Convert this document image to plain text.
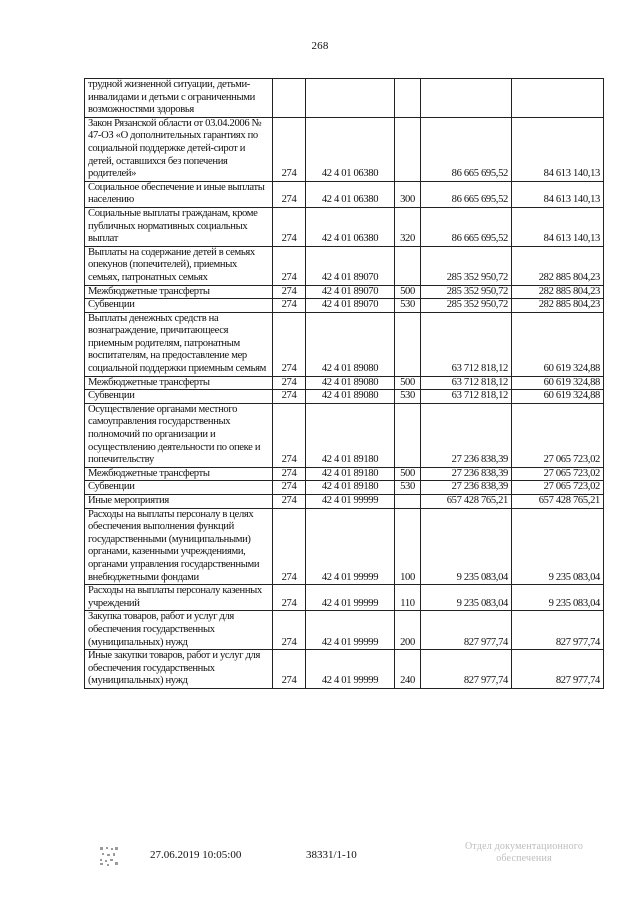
268
трудной жизненной ситуации, детьми-инвалидами и детьми с ограниченными возможностями здоровья					
Закон Рязанской области от 03.04.2006 № 47-ОЗ «О дополнительных гарантиях по социальной поддержке детей-сирот и детей, оставшихся без попечения родителей»	274	42 4 01 06380		86 665 695,52	84 613 140,13
Социальное обеспечение и иные выплаты населению	274	42 4 01 06380	300	86 665 695,52	84 613 140,13
Социальные выплаты гражданам, кроме публичных нормативных социальных выплат	274	42 4 01 06380	320	86 665 695,52	84 613 140,13
Выплаты на содержание детей в семьях опекунов (попечителей), приемных семьях, патронатных семьях	274	42 4 01 89070		285 352 950,72	282 885 804,23
Межбюджетные трансферты	274	42 4 01 89070	500	285 352 950,72	282 885 804,23
Субвенции	274	42 4 01 89070	530	285 352 950,72	282 885 804,23
Выплаты денежных средств на вознаграждение, причитающееся приемным родителям, патронатным воспитателям, на предоставление мер социальной поддержки приемным семьям	274	42 4 01 89080		63 712 818,12	60 619 324,88
Межбюджетные трансферты	274	42 4 01 89080	500	63 712 818,12	60 619 324,88
Субвенции	274	42 4 01 89080	530	63 712 818,12	60 619 324,88
Осуществление органами местного самоуправления государственных полномочий по организации и осуществлению деятельности по опеке и попечительству	274	42 4 01 89180		27 236 838,39	27 065 723,02
Межбюджетные трансферты	274	42 4 01 89180	500	27 236 838,39	27 065 723,02
Субвенции	274	42 4 01 89180	530	27 236 838,39	27 065 723,02
Иные мероприятия	274	42 4 01 99999		657 428 765,21	657 428 765,21
Расходы на выплаты персоналу в целях обеспечения выполнения функций государственными (муниципальными) органами, казенными учреждениями, органами управления государственными внебюджетными фондами	274	42 4 01 99999	100	9 235 083,04	9 235 083,04
Расходы на выплаты персоналу казенных учреждений	274	42 4 01 99999	110	9 235 083,04	9 235 083,04
Закупка товаров, работ и услуг для обеспечения государственных (муниципальных) нужд	274	42 4 01 99999	200	827 977,74	827 977,74
Иные закупки товаров, работ и услуг для обеспечения государственных (муниципальных) нужд	274	42 4 01 99999	240	827 977,74	827 977,74
27.06.2019 10:05:00	38331/1-10
Отдел документационного
обеспечения
